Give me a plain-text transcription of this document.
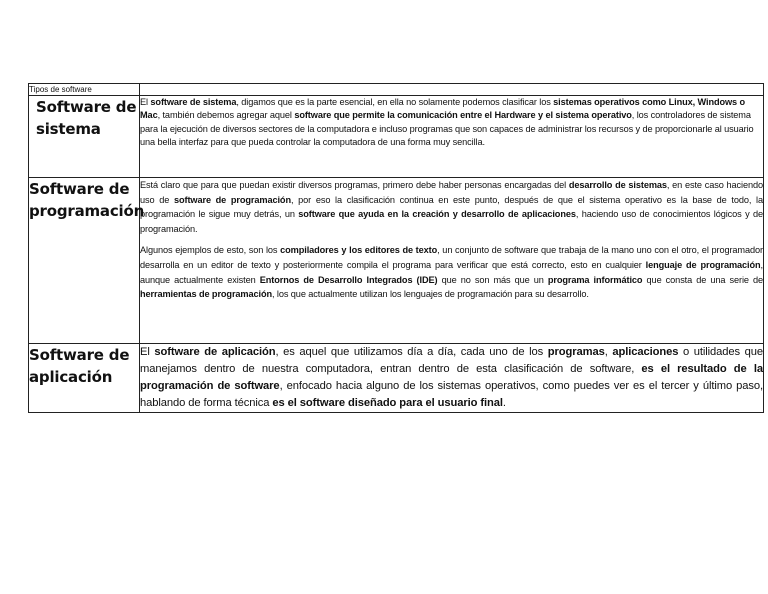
Tipos de software	
Software de sistema	El software de sistema, digamos que es la parte esencial, en ella no solamente podemos clasificar los sistemas operativos como Linux, Windows o Mac, también debemos agregar aquel software que permite la comunicación entre el Hardware y el sistema operativo, los controladores de sistema para la ejecución de diversos sectores de la computadora e incluso programas que son capaces de administrar los recursos y de proporcionarle al usuario una bella interfaz para que pueda controlar la computadora de una forma muy sencilla.

Software de programación	Está claro que para que puedan existir diversos programas, primero debe haber personas encargadas del desarrollo de sistemas, en este caso haciendo uso de software de programación, por eso la clasificación continua en este punto, después de que el sistema operativo es la base de todo, la programación le sigue muy detrás, un software que ayuda en la creación y desarrollo de aplicaciones, haciendo uso de conocimientos lógicos y de programación.

Algunos ejemplos de esto, son los compiladores y los editores de texto, un conjunto de software que trabaja de la mano uno con el otro, el programador desarrolla en un editor de texto y posteriormente compila el programa para verificar que está correcto, esto en cualquier lenguaje de programación, aunque actualmente existen Entornos de Desarrollo Integrados (IDE) que no son más que un programa informático que consta de una serie de herramientas de programación, los que actualmente utilizan los lenguajes de programación para su desarrollo.

Software de aplicación	El software de aplicación, es aquel que utilizamos día a día, cada uno de los programas, aplicaciones o utilidades que manejamos dentro de nuestra computadora, entran dentro de esta clasificación de software, es el resultado de la programación de software, enfocado hacia alguno de los sistemas operativos, como puedes ver es el tercer y último paso, hablando de forma técnica es el software diseñado para el usuario final.
